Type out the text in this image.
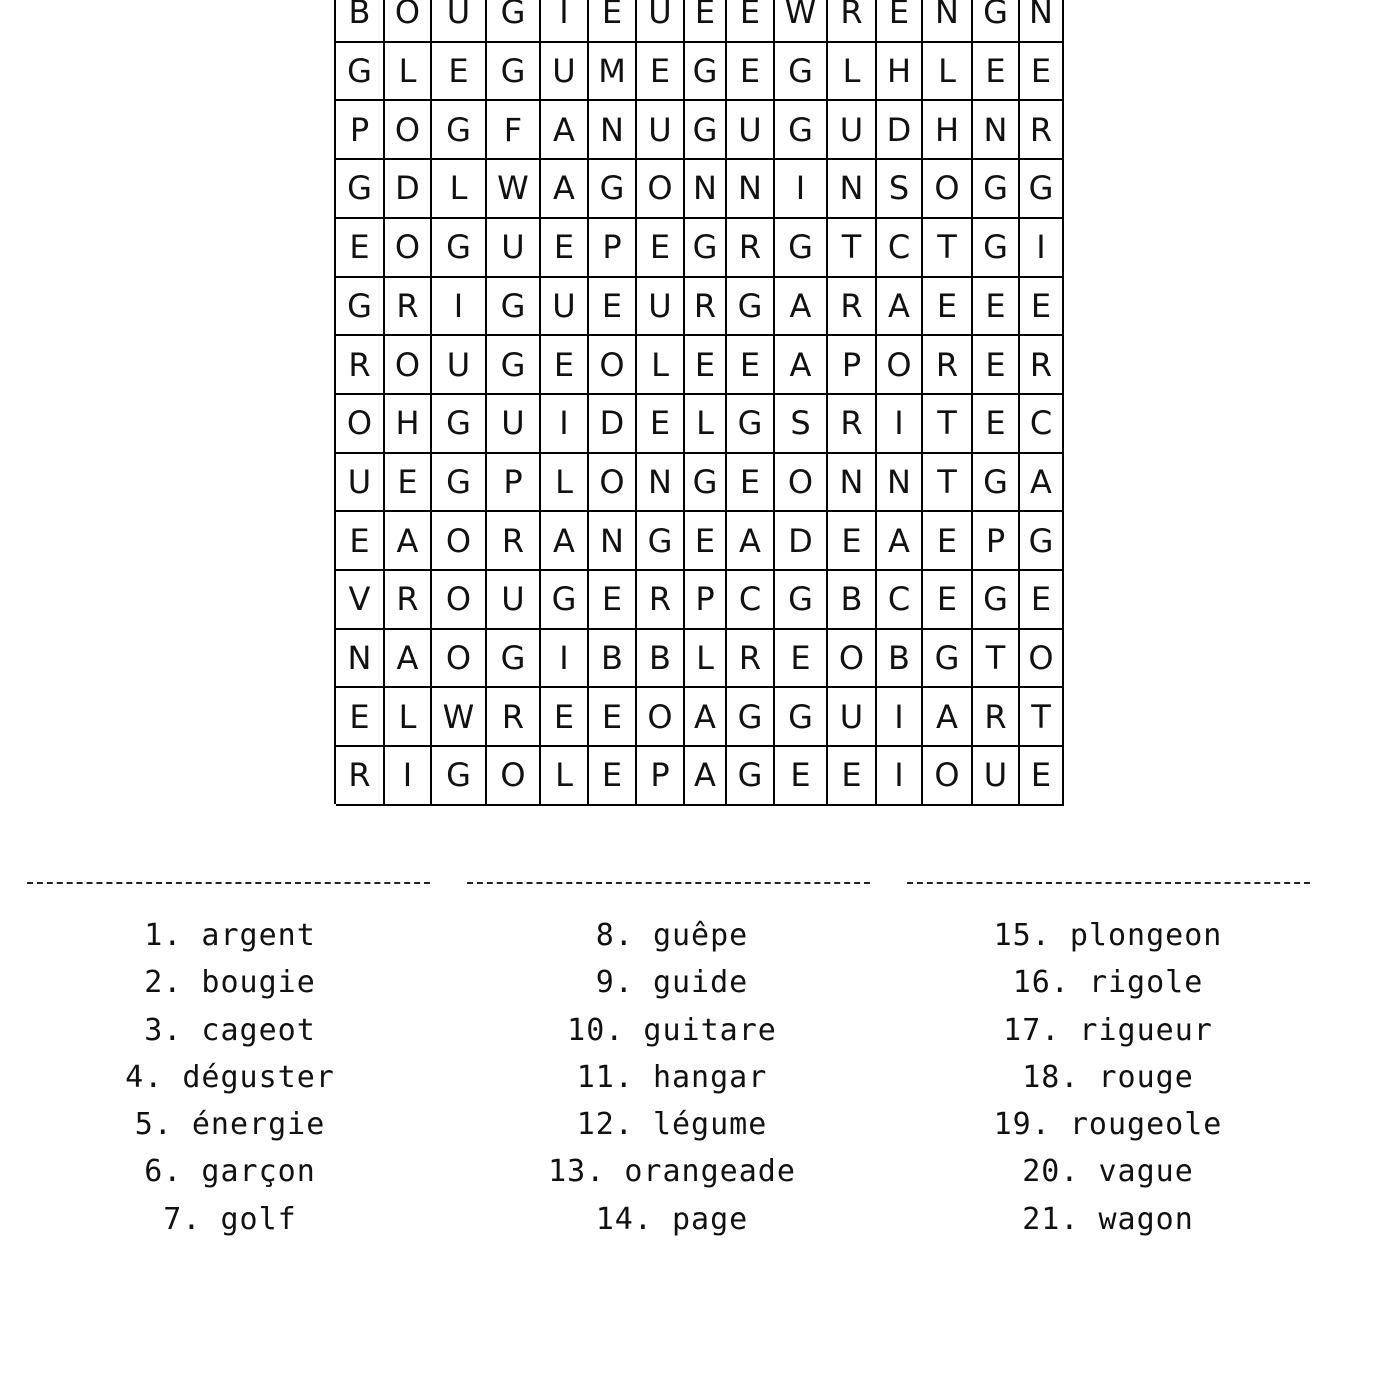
B O U G	I	E U E E W R E N G N
G L E G U M E G E G L H L E E
P O G	F A N U G U G U D H N R
G D L W A G O N N	I	N S O G G
E O G U E P E G R G T C T G I
G R	I	G U E U R G A R A E E E
R O U G E O L E E A P O R E R
O H G U	I D E L G S R I	T E C
U E G	P	L O N G E O N N T G A
E A O R A N G E A D E A E P G
V R O U G E R P C G B C E G E
N A O G	I	B B L R E O B G T O
E L W R E E O A G G U I	A R T
R	I	G O L E P A G E E	I O U E
1. argent
2. bougie
3. cageot
4. déguster
5. énergie
6. garçon
7. golf
8. guêpe
9. guide
10. guitare
11. hangar
12. légume
13. orangeade
14. page
15. plongeon
16. rigole
17. rigueur
18. rouge
19. rougeole
20. vague
21. wagon
